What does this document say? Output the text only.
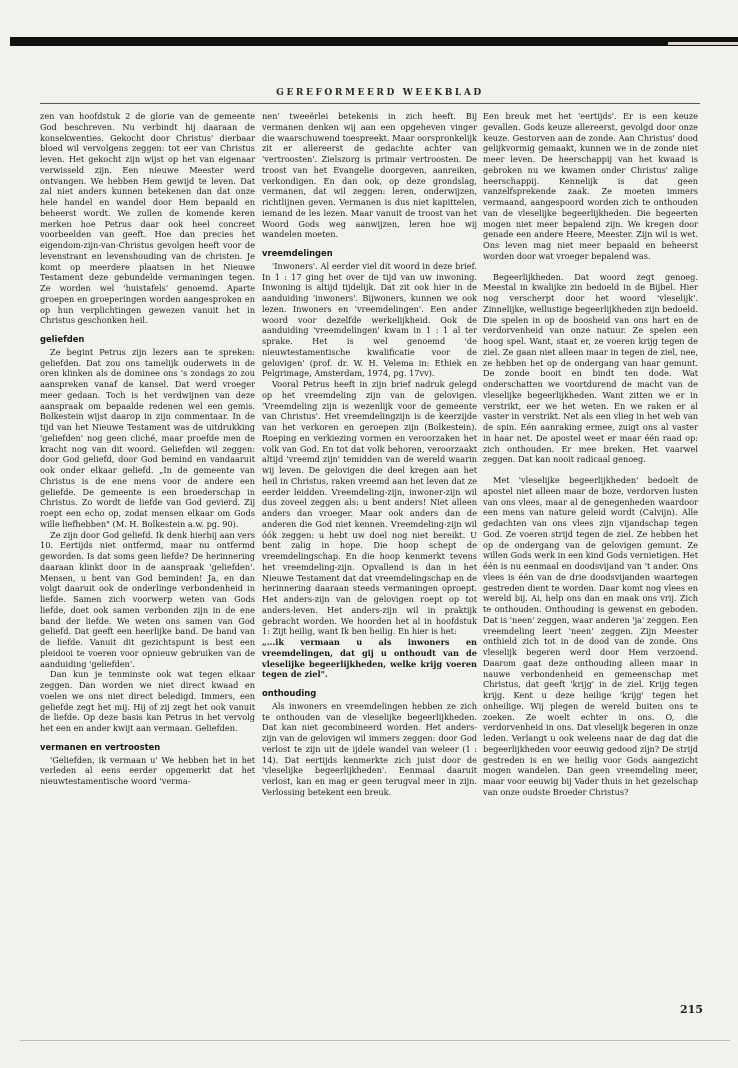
GEREFORMEERD WEEKBLAD

zen van hoofdstuk 2 de glorie van de gemeente God beschreven. Nu verbindt hij daaraan de konsekwenties. Gekocht door Christus' dierbaar bloed wil vervolgens zeggen: tot eer van Christus leven. Het gekocht zijn wijst op het van eigenaar verwisseld zijn. Een nieuwe Meester werd ontvangen. We hebben Hem gewijd te leven. Dat zal niet anders kunnen betekenen dan dat onze hele handel en wandel door Hem bepaald en beheerst wordt. We zullen de komende keren merken hoe Petrus daar ook heel concreet voorbeelden van geeft. Hoe dan precies het eigendom-zijn-van-Christus gevolgen heeft voor de levenstrant en levenshouding van de christen. Je komt op meerdere plaatsen in het Nieuwe Testament deze gebundelde vermaningen tegen. Ze worden wel 'huistafels' genoemd. Aparte groepen en groeperingen worden aangesproken en op hun verplichtingen gewezen vanuit het in Christus geschonken heil.

geliefden

Ze begint Petrus zijn lezers aan te spreken: geliefden. Dat zou ons tamelijk ouderwets in de oren klinken als de dominee ons 's zondags zo zou aanspreken vanaf de kansel. Dat werd vroeger meer gedaan. Toch is het verdwijnen van deze aanspraak om bepaalde redenen wel een gemis. Bolkestein wijst daarop in zijn commentaar. In de tijd van het Nieuwe Testament was de uitdrukking 'geliefden' nog geen cliché, maar proefde men de kracht nog van dit woord. Geliefden wil zeggen: door God geliefd, door God bemind en vandaaruit ook onder elkaar geliefd. „In de gemeente van Christus is de ene mens voor de andere een geliefde. De gemeente is een broederschap in Christus. Zo wordt de liefde van God gevierd. Zij roept een echo op, zodat mensen elkaar om Gods wille liefhebben" (M. H. Bolkestein a.w. pg. 90).

Ze zijn door God geliefd. Ik denk hierbij aan vers 10. Eertijds niet ontfermd, maar nu ontfermd geworden. Is dat soms geen liefde? De herinnering daaraan klinkt door in de aanspraak 'geliefden'. Mensen, u bent van God beminden! Ja, en dan volgt daaruit ook de onderlinge verbondenheid in liefde. Samen zich voorwerp weten van Gods liefde, doet ook samen verbonden zijn in de ene band der liefde. We weten ons samen van God geliefd. Dat geeft een heerlijke band. De band van de liefde. Vanuit dit gezichtspunt is best een pleidooi te voeren voor opnieuw gebruiken van de aanduiding 'geliefden'.

Dan kun je tenminste ook wat tegen elkaar zeggen. Dan worden we niet direct kwaad en voelen we ons niet direct beledigd. Immers, een geliefde zegt het mij. Hij of zij zegt het ook vanuit de liefde. Op deze basis kan Petrus in het vervolg het een en ander kwijt aan vermaan. Geliefden.

vermanen en vertroosten

'Geliefden, ik vermaan u' We hebben het in het verleden al eens eerder opgemerkt dat het nieuwtestamentische woord 'verma-

nen' tweeërlei betekenis in zich heeft. Bij vermanen denken wij aan een opgeheven vinger die waarschuwend toespreekt. Maar oorspronkelijk zit er allereerst de gedachte achter van 'vertroosten'. Zielszorg is primair vertroosten. De troost van het Evangelie doorgeven, aanreiken, verkondigen. En dan ook, op deze grondslag, vermanen, dat wil zeggen: leren, onderwijzen, richtlijnen geven. Vermanen is dus niet kapittelen, iemand de les lezen. Maar vanuit de troost van het Woord Gods weg aanwijzen, leren hoe wij wandelen moeten.

vreemdelingen

'Inwoners'. Al eerder viel dit woord in deze brief. In 1 : 17 ging het over de tijd van uw inwoning. Inwoning is altijd tijdelijk. Dat zit ook hier in de aanduiding 'inwoners'. Bijwoners, kunnen we ook lezen. Inwoners en 'vreemdelingen'. Een ander woord voor dezelfde werkelijkheid. Ook de aanduiding 'vreemdelingen' kwam in 1 : 1 al ter sprake. Het is wel genoemd 'de nieuwtestamentische kwalificatie voor de gelovigen' (prof. dr. W. H. Velema in: Ethiek en Pelgrimage, Amsterdam, 1974, pg. 17vv).

Vooral Petrus heeft in zijn brief nadruk gelegd op het vreemdeling zijn van de gelovigen. 'Vreemdeling zijn is wezenlijk voor de gemeente van Christus'. Het vreemdelingzijn is de keerzijde van het verkoren en geroepen zijn (Bolkestein). Roeping en verkiezing vormen en veroorzaken het volk van God. En tot dat volk behoren, veroorzaakt altijd 'vreemd zijn' temidden van de wereld waarin wij leven. De gelovigen die deel kregen aan het heil in Christus, raken vreemd aan het leven dat ze eerder leidden. Vreemdeling-zijn, inwoner-zijn wil dus zoveel zeggen als: u bent anders! Niet alleen anders dan vroeger. Maar ook anders dan de anderen die God niet kennen. Vreemdeling-zijn wil óók zeggen: u hebt uw doel nog niet bereikt. U bent zalig in hope. Die hoop schept de vreemdelingschap. En die hoop kenmerkt tevens het vreemdeling-zijn. Opvallend is dan in het Nieuwe Testament dat dat vreemdelingschap en de herinnering daaraan steeds vermaningen oproept. Het anders-zijn van de gelovigen roept op tot anders-leven. Het anders-zijn wil in praktijk gebracht worden. We hoorden het al in hoofdstuk 1: Zijt heilig, want Ik ben heilig. En hier is het:

„...ik vermaan u als inwoners en vreemdelingen, dat gij u onthoudt van de vleselijke begeerlijkheden, welke krijg voeren tegen de ziel".

onthouding

Als inwoners en vreemdelingen hebben ze zich te onthouden van de vleselijke begeerlijkheden. Dat kan niet gecombineerd worden. Het anders-zijn van de gelovigen wil immers zeggen: door God verlost te zijn uit de ijdele wandel van weleer (1 : 14). Dat eertijds kenmerkte zich juist door de 'vleselijke begeerlijkheden'. Eenmaal daaruit verlost, kan en mag er geen terugval meer in zijn. Verlossing betekent een breuk.

Een breuk met het 'eertijds'. Er is een keuze gevallen. Gods keuze allereerst, gevolgd door onze keuze. Gestorven aan de zonde. Aan Christus' dood gelijkvormig gemaakt, kunnen we in de zonde niet meer leven. De heerschappij van het kwaad is gebroken nu we kwamen onder Christus' zalige heerschappij. Kennelijk is dat geen vanzelfsprekende zaak. Ze moeten immers vermaand, aangespoord worden zich te onthouden van de vleselijke begeerlijkheden. Die begeerten mogen niet meer bepalend zijn. We kregen door genade een andere Heere, Meester. Zijn wil is wet. Ons leven mag niet meer bepaald en beheerst worden door wat vroeger bepalend was.

Begeerlijkheden. Dat woord zegt genoeg. Meestal in kwalijke zin bedoeld in de Bijbel. Hier nog verscherpt door het woord 'vleselijk'. Zinnelijke, wellustige begeerlijkheden zijn bedoeld. Die spelen in op de boosheid van ons hart en de verdorvenheid van onze natuur. Ze spelen een hoog spel. Want, staat er, ze voeren krijg tegen de ziel. Ze gaan niet alleen maar in tegen de ziel, nee, ze hebben het op de ondergang van haar gemunt. De zonde booit en bindt ten dode. Wat onderschatten we voortdurend de macht van de vleselijke begeerlijkheden. Want zitten we er in verstrikt, eer we het weten. En we raken er al vaster in verstrikt. Net als een vlieg in het web van de spin. Eén aanraking ermee, zuigt ons al vaster in haar net. De apostel weet er maar één raad op: zich onthouden. Er mee breken. Het vaarwel zeggen. Dat kan nooit radicaal genoeg.

Met 'vleselijke begeerlijkheden' bedoelt de apostel niet alleen maar de boze, verdorven lusten van ons vlees, maar al de genegenheden waardoor een mens van nature geleid wordt (Calvijn). Alle gedachten van ons vlees zijn vijandschap tegen God. Ze voeren strijd tegen de ziel. Ze hebben het op de ondergang van de gelovigen gemunt. Ze willen Gods werk in een kind Gods vernietigen. Het één is nu eenmaal en doodsvijand van 't ander. Ons vlees is één van de drie doodsvijanden waartegen gestreden dient te worden. Daar komt nog vlees en wereld bij. Ai, help ons dan en maak ons vrij. Zich te onthouden. Onthouding is gewenst en geboden. Dat is 'neen' zeggen, waar anderen 'ja' zeggen. Een vreemdeling leert 'neen' zeggen. Zijn Meester onthield zich tot in de dood van de zonde. Ons vleselijk begeren werd door Hem verzoend. Daarom gaat deze onthouding alleen maar in nauwe verbondenheid en gemeenschap met Christus, dat geeft 'krijg' in de ziel. Krijg tegen krijg. Kent u deze heilige 'krijg' tegen het onheilige. Wij plegen de wereld buiten ons te zoeken. Ze woelt echter in ons. O, die verdorvenheid in ons. Dat vleselijk begeren in onze leden. Verlangt u ook weleens naar de dag dat die begeerlijkheden voor eeuwig gedood zijn? De strijd gestreden is en we heilig voor Gods aangezicht mogen wandelen. Dan geen vreemdeling meer, maar voor eeuwig bij Vader thuis in het gezelschap van onze oudste Broeder Christus?

215
